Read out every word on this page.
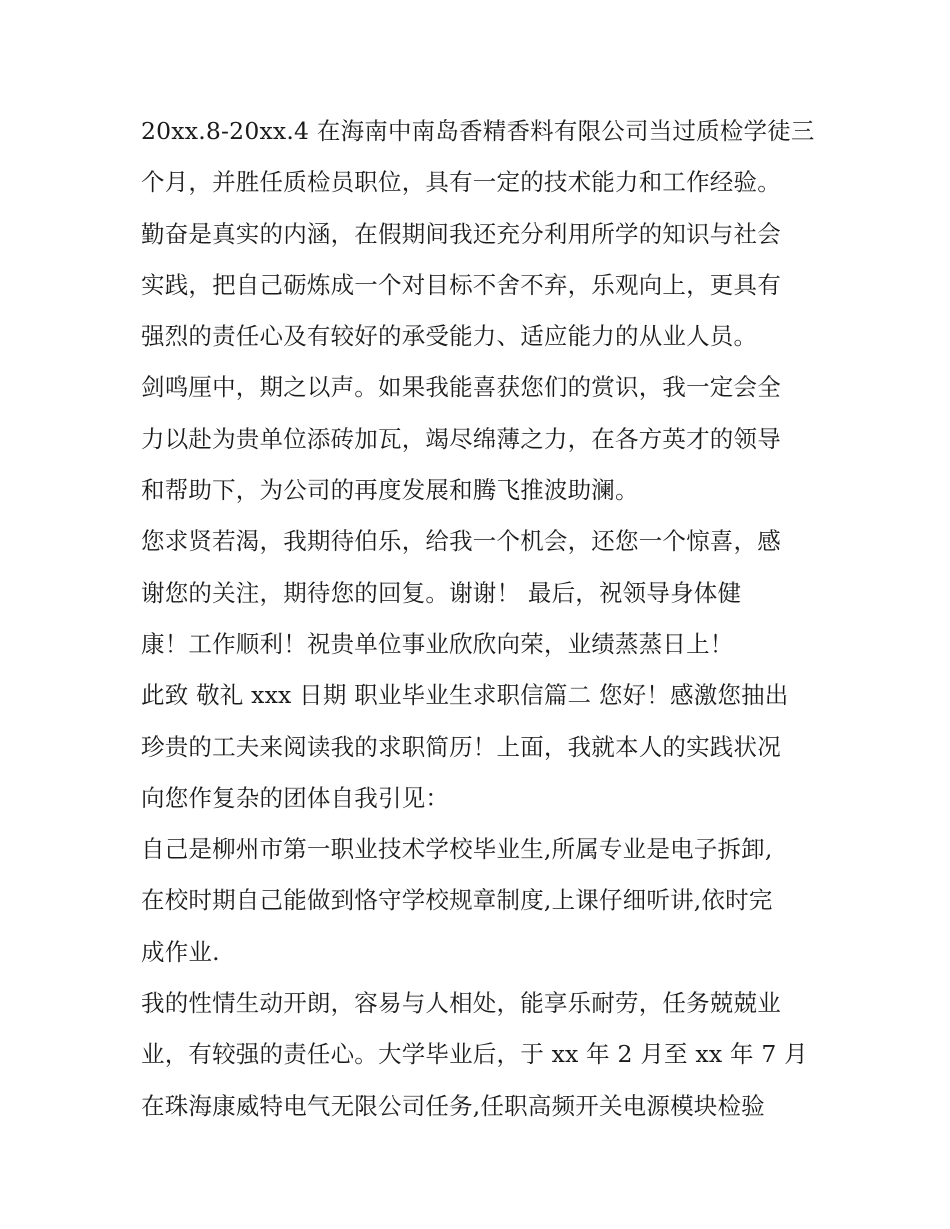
20xx.8-20xx.4 在海南中南岛香精香料有限公司当过质检学徒三
个月，并胜任质检员职位，具有一定的技术能力和工作经验。
勤奋是真实的内涵，在假期间我还充分利用所学的知识与社会
实践，把自己砺炼成一个对目标不舍不弃，乐观向上，更具有
强烈的责任心及有较好的承受能力、适应能力的从业人员。
剑鸣厘中，期之以声。如果我能喜获您们的赏识，我一定会全
力以赴为贵单位添砖加瓦，竭尽绵薄之力，在各方英才的领导
和帮助下，为公司的再度发展和腾飞推波助澜。
您求贤若渴，我期待伯乐，给我一个机会，还您一个惊喜，感
谢您的关注，期待您的回复。谢谢！ 最后，祝领导身体健
康！工作顺利！祝贵单位事业欣欣向荣，业绩蒸蒸日上！
此致 敬礼 xxx 日期 职业毕业生求职信篇二 您好！感激您抽出
珍贵的工夫来阅读我的求职简历！上面，我就本人的实践状况
向您作复杂的团体自我引见：
自己是柳州市第一职业技术学校毕业生,所属专业是电子拆卸,
在校时期自己能做到恪守学校规章制度,上课仔细听讲,依时完
成作业.
我的性情生动开朗，容易与人相处，能享乐耐劳，任务兢兢业
业，有较强的责任心。大学毕业后，于 xx 年 2 月至 xx 年 7 月
在珠海康威特电气无限公司任务,任职高频开关电源模块检验
